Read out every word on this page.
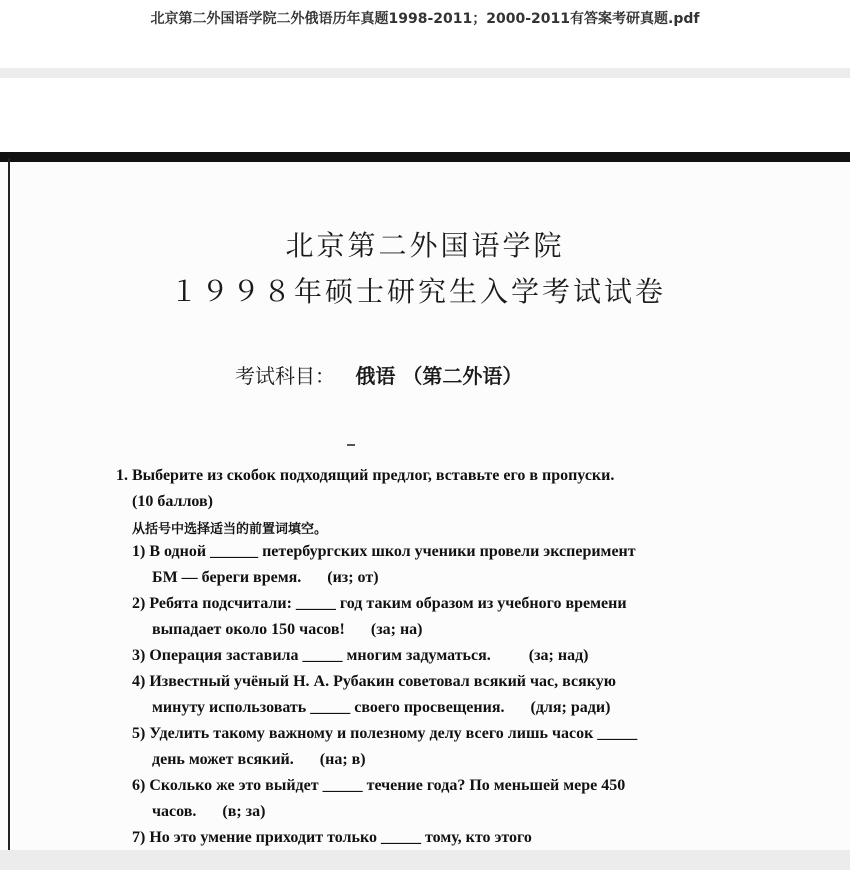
北京第二外国语学院二外俄语历年真题1998-2011；2000-2011有答案考研真题.pdf
北京第二外国语学院
１９９８年硕士研究生入学考试试卷
考试科目： 俄语 （第二外语）
1. Выберите из скобок подходящий предлог, вставьте его в пропуски.
(10 баллов)
从括号中选择适当的前置词填空。
1) В одной ______ петербургских школ ученики провели эксперимент
БМ — береги время. (из; от)
2) Ребята подсчитали: _____ год таким образом из учебного времени
выпадает около 150 часов! (за; на)
3) Операция заставила _____ многим задуматься. (за; над)
4) Известный учёный Н. А. Рубакин советовал всякий час, всякую
минуту использовать _____ своего просвещения. (для; ради)
5) Уделить такому важному и полезному делу всего лишь часок _____
день может всякий. (на; в)
6) Сколько же это выйдет _____ течение года? По меньшей мере 450
часов. (в; за)
7) Но это умение приходит только _____ тому, кто этого
